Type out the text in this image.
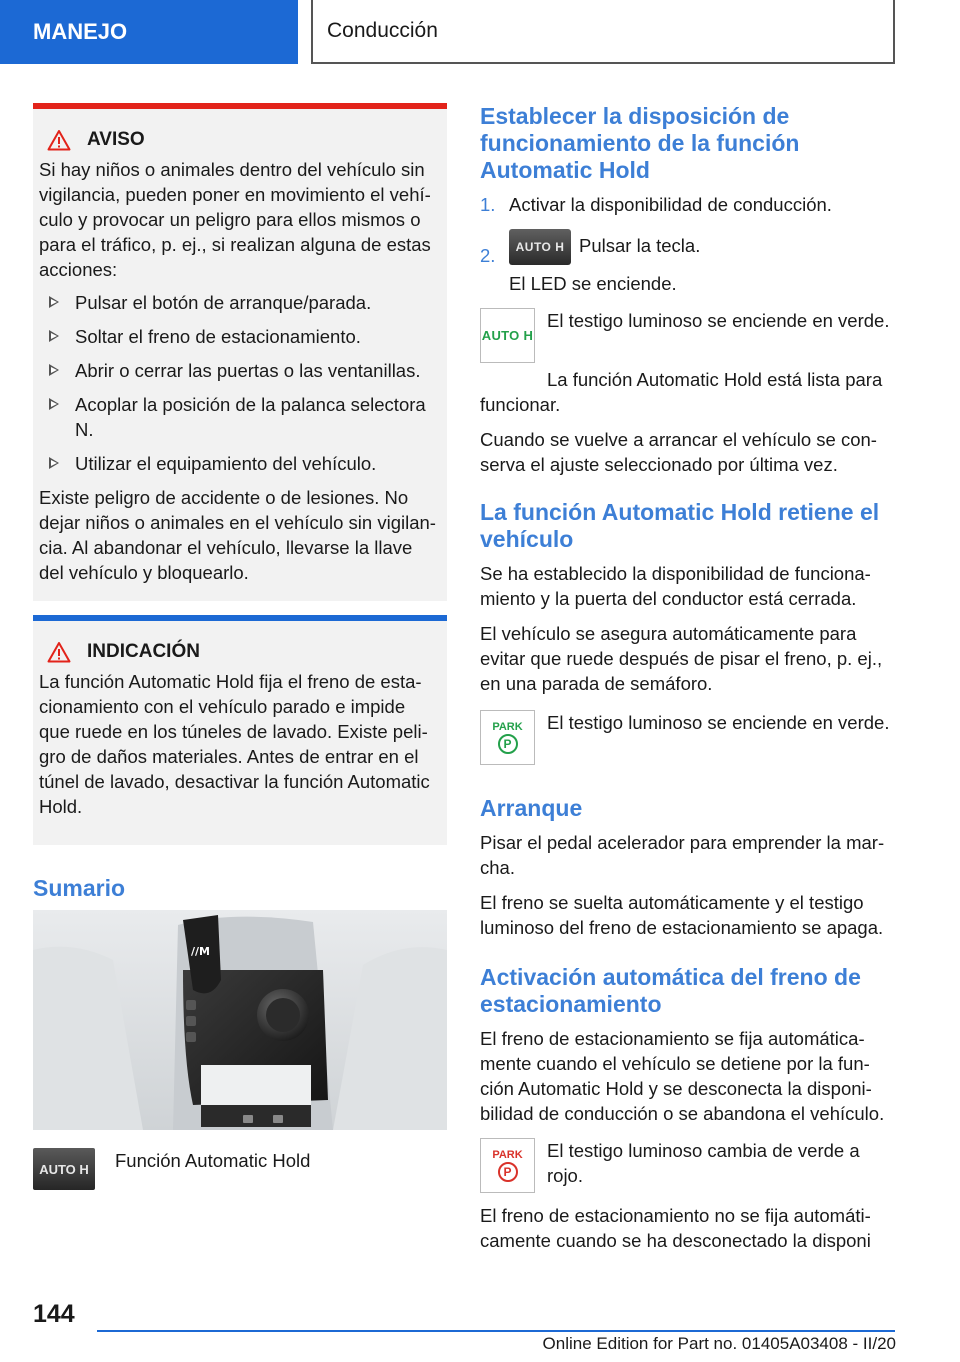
MANEJO	Conducción
AVISO

Si hay niños o animales dentro del vehículo sin vigilancia, pueden poner en movimiento el vehículo y provocar un peligro para ellos mismos o para el tráfico, p. ej., si realizan alguna de estas acciones:

Pulsar el botón de arranque/parada.
Soltar el freno de estacionamiento.
Abrir o cerrar las puertas o las ventanillas.
Acoplar la posición de la palanca selectora N.
Utilizar el equipamiento del vehículo.

Existe peligro de accidente o de lesiones. No dejar niños o animales en el vehículo sin vigilancia. Al abandonar el vehículo, llevarse la llave del vehículo y bloquearlo.

INDICACIÓN

La función Automatic Hold fija el freno de estacionamiento con el vehículo parado e impide que ruede en los túneles de lavado. Existe peligro de daños materiales. Antes de entrar en el túnel de lavado, desactivar la función Automatic Hold.

Sumario
//M
AUTO H Función Automatic Hold

Establecer la disposición de funcionamiento de la función Automatic Hold
1. Activar la disponibilidad de conducción.
2. AUTO H Pulsar la tecla.

El LED se enciende.

AUTO H

El testigo luminoso se enciende en verde.

La función Automatic Hold está lista para funcionar.

Cuando se vuelve a arrancar el vehículo se conserva el ajuste seleccionado por última vez.

La función Automatic Hold retiene el vehículo

Se ha establecido la disponibilidad de funcionamiento y la puerta del conductor está cerrada.

El vehículo se asegura automáticamente para evitar que ruede después de pisar el freno, p. ej., en una parada de semáforo.

PARK
P

El testigo luminoso se enciende en verde.

Arranque

Pisar el pedal acelerador para emprender la marcha.

El freno se suelta automáticamente y el testigo luminoso del freno de estacionamiento se apaga.

Activación automática del freno de estacionamiento

El freno de estacionamiento se fija automáticamente cuando el vehículo se detiene por la función Automatic Hold y se desconecta la disponibilidad de conducción o se abandona el vehículo.

PARK
P

El testigo luminoso cambia de verde a rojo.

El freno de estacionamiento no se fija automáticamente cuando se ha desconectado la disponi

144
Online Edition for Part no. 01405A03408 - II/20
